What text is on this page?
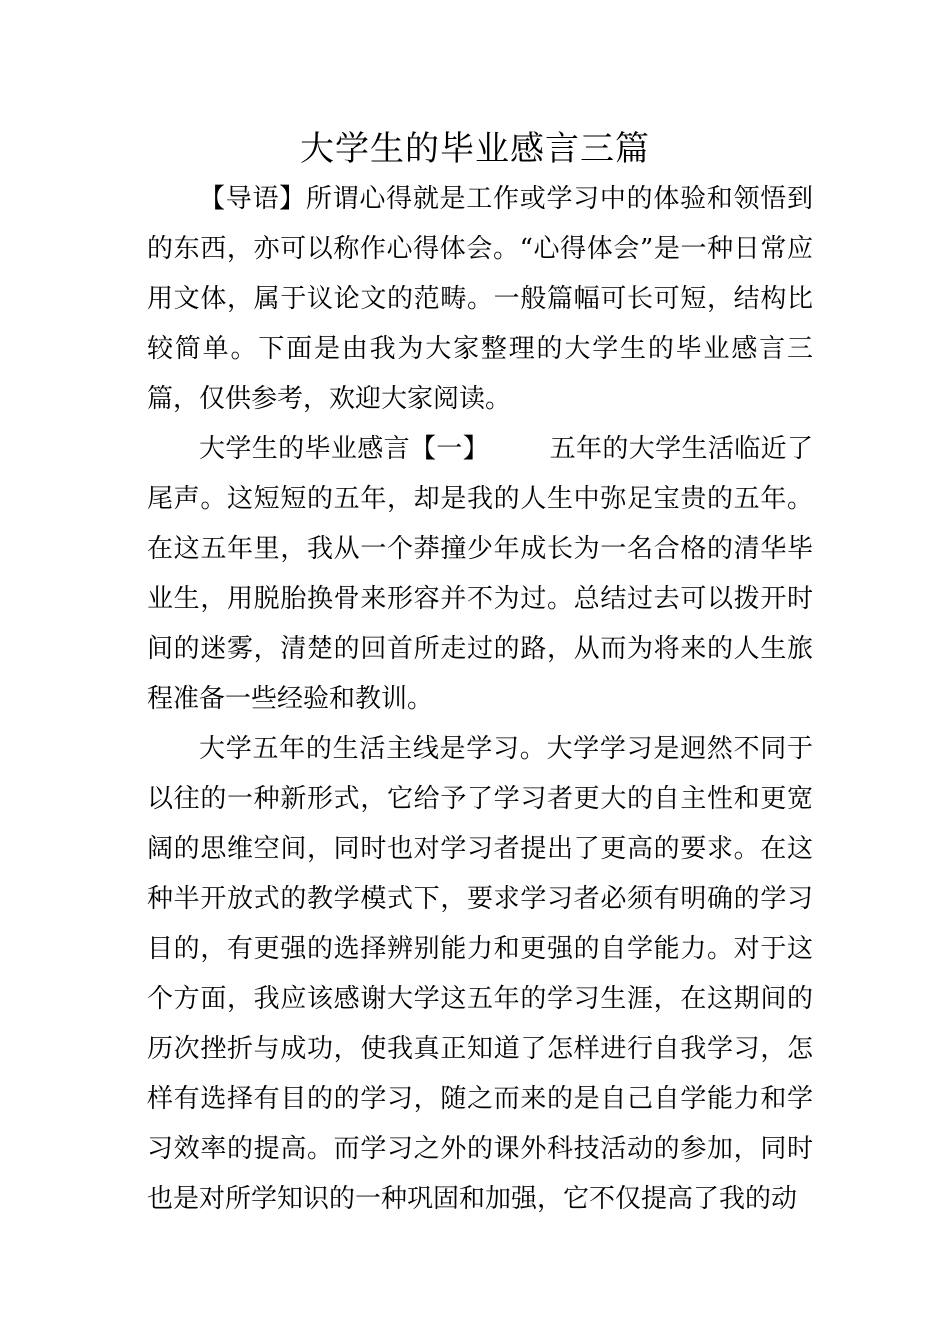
大学生的毕业感言三篇

【导语】所谓心得就是工作或学习中的体验和领悟到的东西，亦可以称作心得体会。“心得体会”是一种日常应用文体，属于议论文的范畴。一般篇幅可长可短，结构比较简单。下面是由我为大家整理的大学生的毕业感言三篇，仅供参考，欢迎大家阅读。

大学生的毕业感言【一】 五年的大学生活临近了尾声。这短短的五年，却是我的人生中弥足宝贵的五年。在这五年里，我从一个莽撞少年成长为一名合格的清华毕业生，用脱胎换骨来形容并不为过。总结过去可以拨开时间的迷雾，清楚的回首所走过的路，从而为将来的人生旅程准备一些经验和教训。

大学五年的生活主线是学习。大学学习是迥然不同于以往的一种新形式，它给予了学习者更大的自主性和更宽阔的思维空间，同时也对学习者提出了更高的要求。在这种半开放式的教学模式下，要求学习者必须有明确的学习目的，有更强的选择辨别能力和更强的自学能力。对于这个方面，我应该感谢大学这五年的学习生涯，在这期间的历次挫折与成功，使我真正知道了怎样进行自我学习，怎样有选择有目的的学习，随之而来的是自己自学能力和学习效率的提高。而学习之外的课外科技活动的参加，同时也是对所学知识的一种巩固和加强，它不仅提高了我的动
